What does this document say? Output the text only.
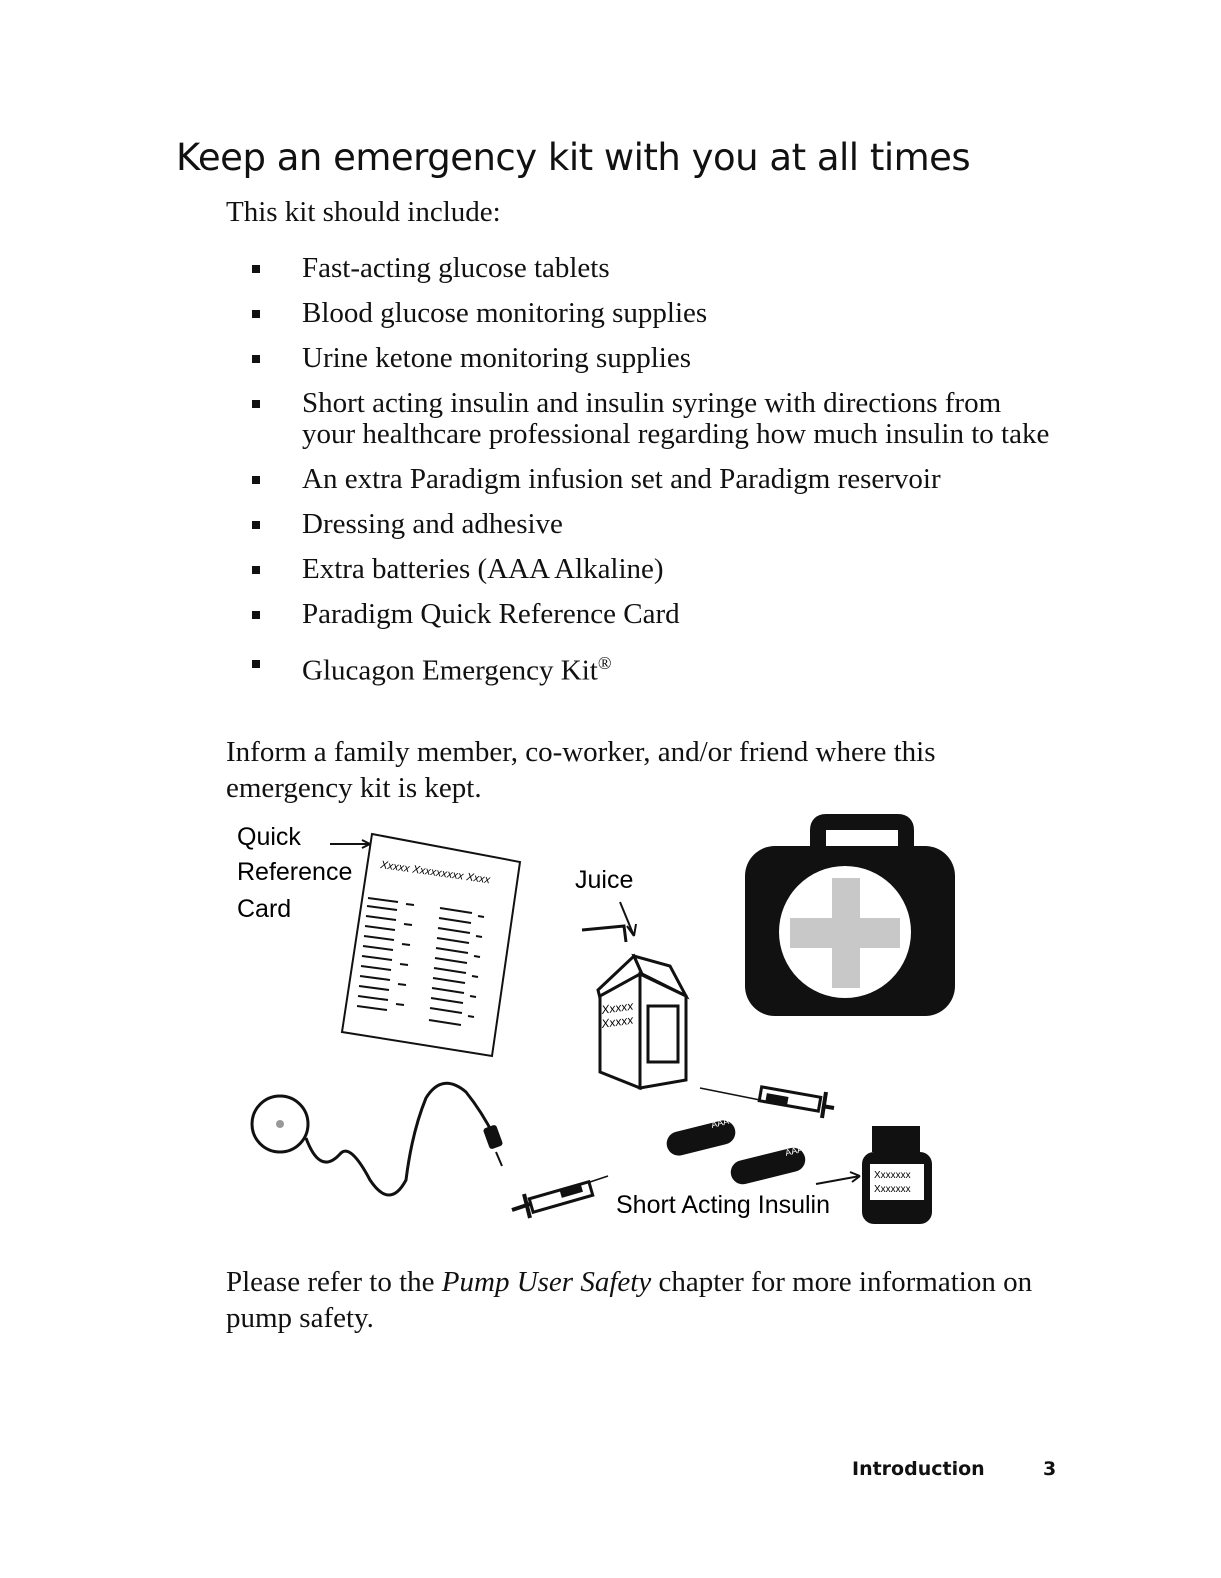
Keep an emergency kit with you at all times

This kit should include:

Fast-acting glucose tablets
Blood glucose monitoring supplies
Urine ketone monitoring supplies
Short acting insulin and insulin syringe with directions from your healthcare professional regarding how much insulin to take
An extra Paradigm infusion set and Paradigm reservoir
Dressing and adhesive
Extra batteries (AAA Alkaline)
Paradigm Quick Reference Card
Glucagon Emergency Kit®

Inform a family member, co-worker, and/or friend where this emergency kit is kept.

Quick
Reference
Card
Xxxxx Xxxxxxxxx Xxxx	Juice
Xxxxx
Xxxxx
AAA
AAA
Short Acting Insulin
Xxxxxxx
Xxxxxxx

Please refer to the Pump User Safety chapter for more information on pump safety.

Introduction	3
